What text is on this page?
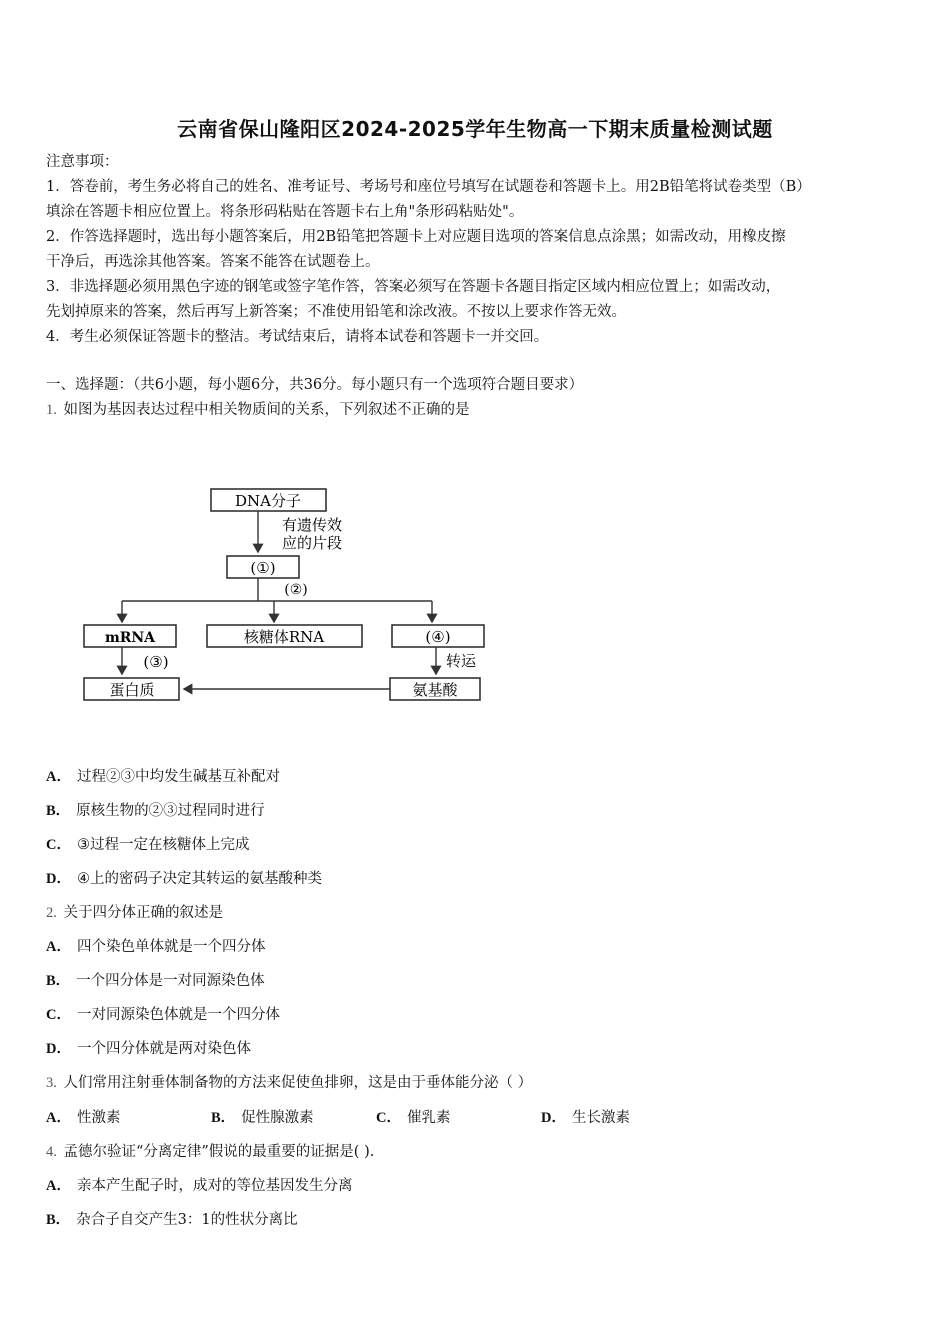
云南省保山隆阳区2024-2025学年生物高一下期末质量检测试题
注意事项：
1．答卷前，考生务必将自己的姓名、准考证号、考场号和座位号填写在试题卷和答题卡上。用2B铅笔将试卷类型（B）
填涂在答题卡相应位置上。将条形码粘贴在答题卡右上角"条形码粘贴处"。
2．作答选择题时，选出每小题答案后，用2B铅笔把答题卡上对应题目选项的答案信息点涂黑；如需改动，用橡皮擦
干净后，再选涂其他答案。答案不能答在试题卷上。
3．非选择题必须用黑色字迹的钢笔或签字笔作答，答案必须写在答题卡各题目指定区域内相应位置上；如需改动，
先划掉原来的答案，然后再写上新答案；不准使用铅笔和涂改液。不按以上要求作答无效。
4．考生必须保证答题卡的整洁。考试结束后，请将本试卷和答题卡一并交回。
一、选择题：（共6小题，每小题6分，共36分。每小题只有一个选项符合题目要求）
1. 如图为基因表达过程中相关物质间的关系，下列叙述不正确的是
DNA分子
有遗传效
应的片段
(①)
(②)
mRNA	核糖体RNA	(④)
(③)	转运
蛋白质	氨基酸
A． 过程②③中均发生碱基互补配对
B． 原核生物的②③过程同时进行
C． ③过程一定在核糖体上完成
D． ④上的密码子决定其转运的氨基酸种类
2. 关于四分体正确的叙述是
A． 四个染色单体就是一个四分体
B． 一个四分体是一对同源染色体
C． 一对同源染色体就是一个四分体
D． 一个四分体就是两对染色体
3. 人们常用注射垂体制备物的方法来促使鱼排卵，这是由于垂体能分泌（ ）
A． 性激素	B． 促性腺激素	C． 催乳素	D． 生长激素
4. 孟德尔验证“分离定律”假说的最重要的证据是( ).
A． 亲本产生配子时，成对的等位基因发生分离
B． 杂合子自交产生3：1的性状分离比
